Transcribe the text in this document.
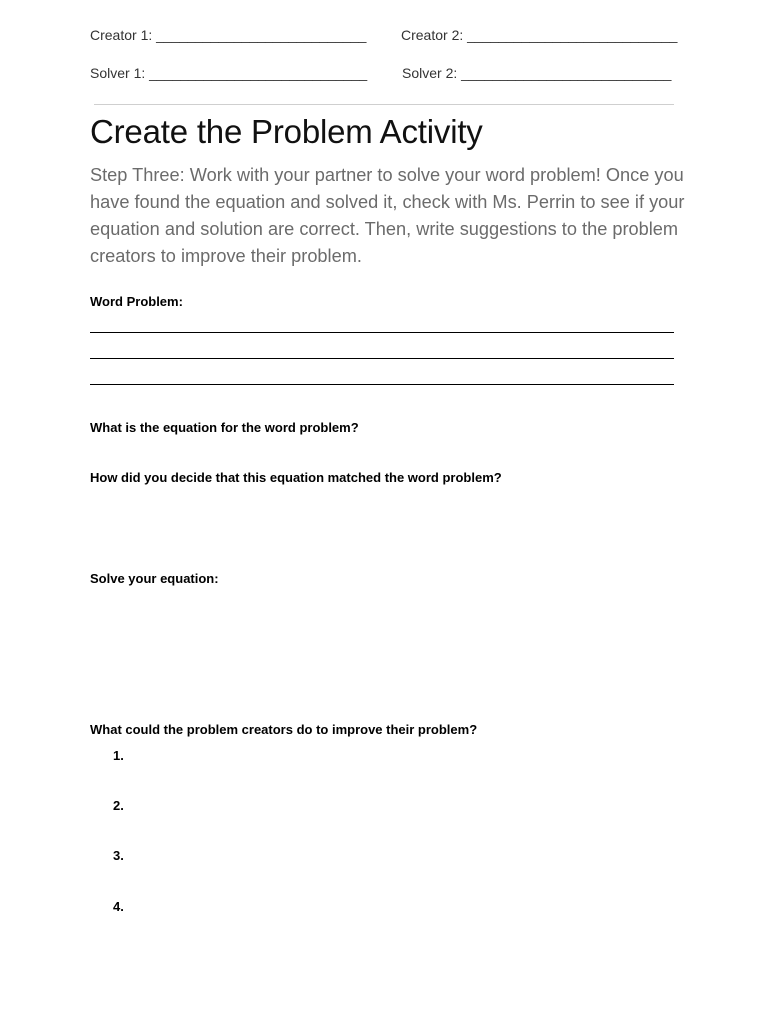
Creator 1: ___________________________ Creator 2: ___________________________
Solver 1: ____________________________ Solver 2: ___________________________
Create the Problem Activity
Step Three: Work with your partner to solve your word problem! Once you have found the equation and solved it, check with Ms. Perrin to see if your equation and solution are correct. Then, write suggestions to the problem creators to improve their problem.
Word Problem:
What is the equation for the word problem?
How did you decide that this equation matched the word problem?
Solve your equation:
What could the problem creators do to improve their problem?
1.
2.
3.
4.
